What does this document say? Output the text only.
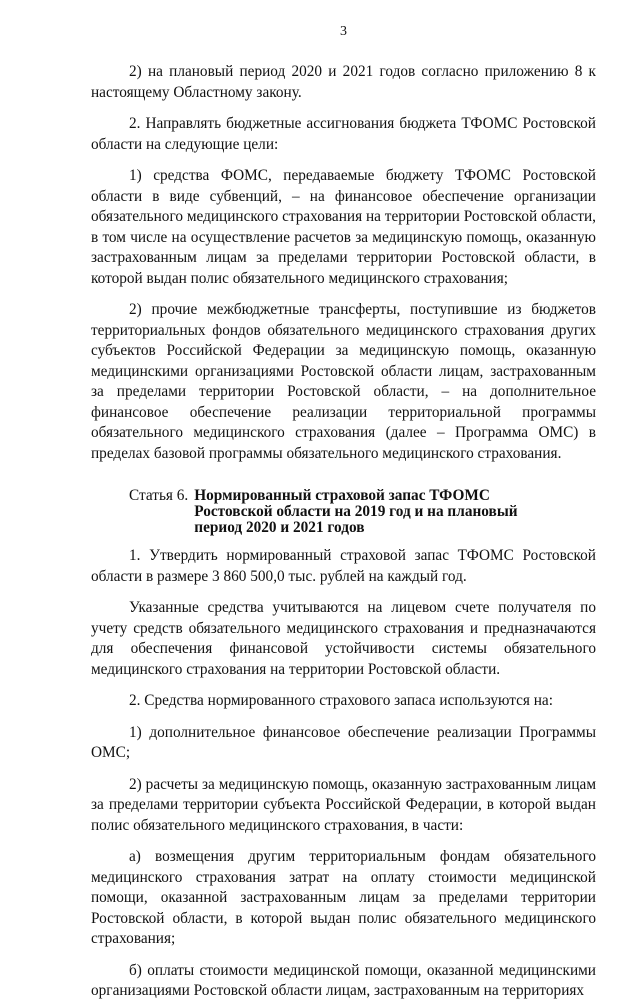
3

2) на плановый период 2020 и 2021 годов согласно приложению 8 к настоящему Областному закону.

2. Направлять бюджетные ассигнования бюджета ТФОМС Ростовской области на следующие цели:

1) средства ФОМС, передаваемые бюджету ТФОМС Ростовской области в виде субвенций, – на финансовое обеспечение организации обязательного медицинского страхования на территории Ростовской области, в том числе на осуществление расчетов за медицинскую помощь, оказанную застрахованным лицам за пределами территории Ростовской области, в которой выдан полис обязательного медицинского страхования;

2) прочие межбюджетные трансферты, поступившие из бюджетов территориальных фондов обязательного медицинского страхования других субъектов Российской Федерации за медицинскую помощь, оказанную медицинскими организациями Ростовской области лицам, застрахованным за пределами территории Ростовской области, – на дополнительное финансовое обеспечение реализации территориальной программы обязательного медицинского страхования (далее – Программа ОМС) в пределах базовой программы обязательного медицинского страхования.

Статья 6. Нормированный страховой запас ТФОМС
Ростовской области на 2019 год и на плановый
период 2020 и 2021 годов

1. Утвердить нормированный страховой запас ТФОМС Ростовской области в размере 3 860 500,0 тыс. рублей на каждый год.

Указанные средства учитываются на лицевом счете получателя по учету средств обязательного медицинского страхования и предназначаются для обеспечения финансовой устойчивости системы обязательного медицинского страхования на территории Ростовской области.

2. Средства нормированного страхового запаса используются на:

1) дополнительное финансовое обеспечение реализации Программы ОМС;

2) расчеты за медицинскую помощь, оказанную застрахованным лицам за пределами территории субъекта Российской Федерации, в которой выдан полис обязательного медицинского страхования, в части:

а) возмещения другим территориальным фондам обязательного медицинского страхования затрат на оплату стоимости медицинской помощи, оказанной застрахованным лицам за пределами территории Ростовской области, в которой выдан полис обязательного медицинского страхования;

б) оплаты стоимости медицинской помощи, оказанной медицинскими организациями Ростовской области лицам, застрахованным на территориях
